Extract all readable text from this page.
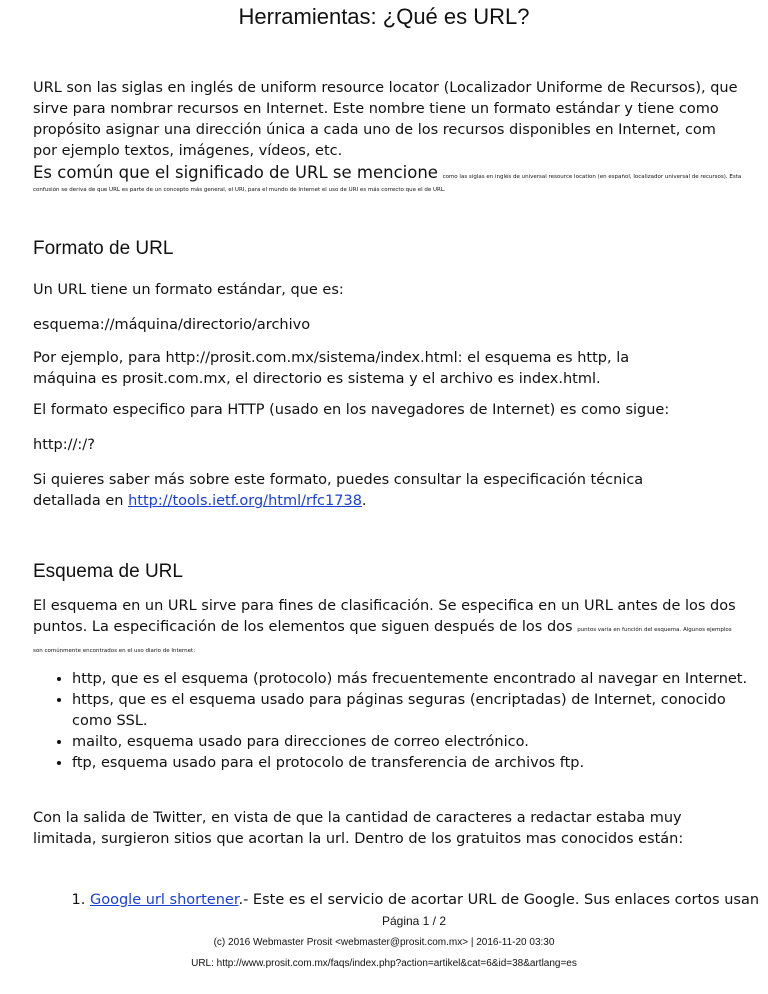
Herramientas: ¿Qué es URL?

URL son las siglas en inglés de uniform resource locator (Localizador Uniforme de Recursos), que sirve para nombrar recursos en Internet. Este nombre tiene un formato estándar y tiene como propósito asignar una dirección única a cada uno de los recursos disponibles en Internet, com por ejemplo textos, imágenes, vídeos, etc.

Es común que el significado de URL se mencione como las siglas en inglés de universal resource location (en español, localizador universal de recursos). Esta confusión se deriva de que URL es parte de un concepto más general, el URI, para el mundo de Internet el uso de URI es más correcto que el de URL.

Formato de URL

Un URL tiene un formato estándar, que es:

esquema://máquina/directorio/archivo

Por ejemplo, para http://prosit.com.mx/sistema/index.html: el esquema es http, la máquina es prosit.com.mx, el directorio es sistema y el archivo es index.html.

El formato especifico para HTTP (usado en los navegadores de Internet) es como sigue:

http://:/?

Si quieres saber más sobre este formato, puedes consultar la especificación técnica detallada en http://tools.ietf.org/html/rfc1738.

Esquema de URL

El esquema en un URL sirve para fines de clasificación. Se especifica en un URL antes de los dos puntos. La especificación de los elementos que siguen después de los dos puntos varía en función del esquema. Algunos ejemplos son comúnmente encontrados en el uso diario de Internet:

• http, que es el esquema (protocolo) más frecuentemente encontrado al navegar en Internet.
• https, que es el esquema usado para páginas seguras (encriptadas) de Internet, conocido como SSL.
• mailto, esquema usado para direcciones de correo electrónico.
• ftp, esquema usado para el protocolo de transferencia de archivos ftp.

Con la salida de Twitter, en vista de que la cantidad de caracteres a redactar estaba muy limitada, surgieron sitios que acortan la url. Dentro de los gratuitos mas conocidos están:

1. Google url shortener.- Este es el servicio de acortar URL de Google. Sus enlaces cortos usan
Página 1 / 2
(c) 2016 Webmaster Prosit <webmaster@prosit.com.mx> | 2016-11-20 03:30
URL: http://www.prosit.com.mx/faqs/index.php?action=artikel&cat=6&id=38&artlang=es
